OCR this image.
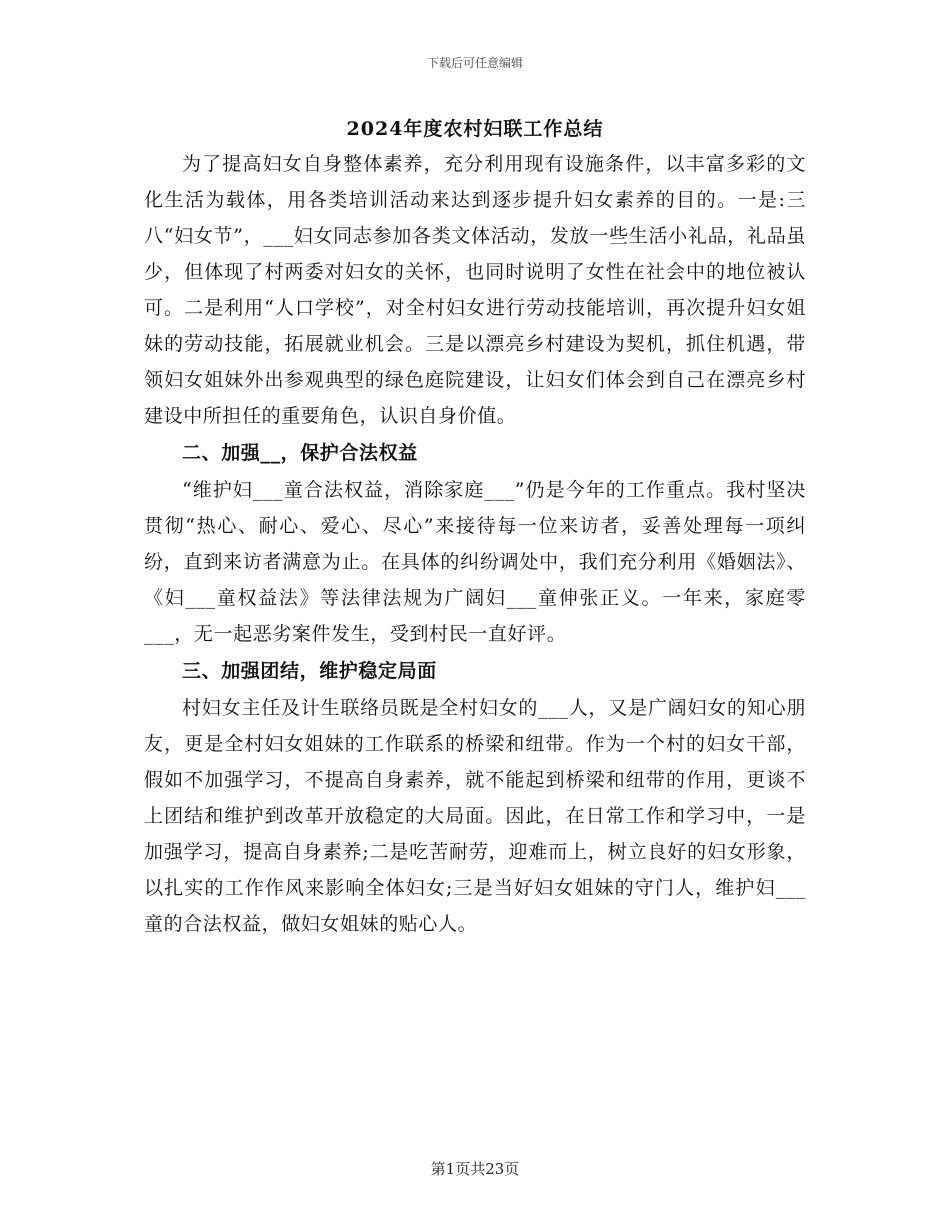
下载后可任意编辑
2024年度农村妇联工作总结

为了提高妇女自身整体素养，充分利用现有设施条件，以丰富多彩的文化生活为载体，用各类培训活动来达到逐步提升妇女素养的目的。一是:三八“妇女节”，___妇女同志参加各类文体活动，发放一些生活小礼品，礼品虽少，但体现了村两委对妇女的关怀，也同时说明了女性在社会中的地位被认可。二是利用“人口学校”，对全村妇女进行劳动技能培训，再次提升妇女姐妹的劳动技能，拓展就业机会。三是以漂亮乡村建设为契机，抓住机遇，带领妇女姐妹外出参观典型的绿色庭院建设，让妇女们体会到自己在漂亮乡村建设中所担任的重要角色，认识自身价值。

二、加强__，保护合法权益

“维护妇___童合法权益，消除家庭___”仍是今年的工作重点。我村坚决贯彻“热心、耐心、爱心、尽心”来接待每一位来访者，妥善处理每一项纠纷，直到来访者满意为止。在具体的纠纷调处中，我们充分利用《婚姻法》、《妇___童权益法》等法律法规为广阔妇___童伸张正义。一年来，家庭零___，无一起恶劣案件发生，受到村民一直好评。

三、加强团结，维护稳定局面

村妇女主任及计生联络员既是全村妇女的___人，又是广阔妇女的知心朋友，更是全村妇女姐妹的工作联系的桥梁和纽带。作为一个村的妇女干部，假如不加强学习，不提高自身素养，就不能起到桥梁和纽带的作用，更谈不上团结和维护到改革开放稳定的大局面。因此，在日常工作和学习中，一是加强学习，提高自身素养;二是吃苦耐劳，迎难而上，树立良好的妇女形象，以扎实的工作作风来影响全体妇女;三是当好妇女姐妹的守门人，维护妇___童的合法权益，做妇女姐妹的贴心人。

第1页共23页
